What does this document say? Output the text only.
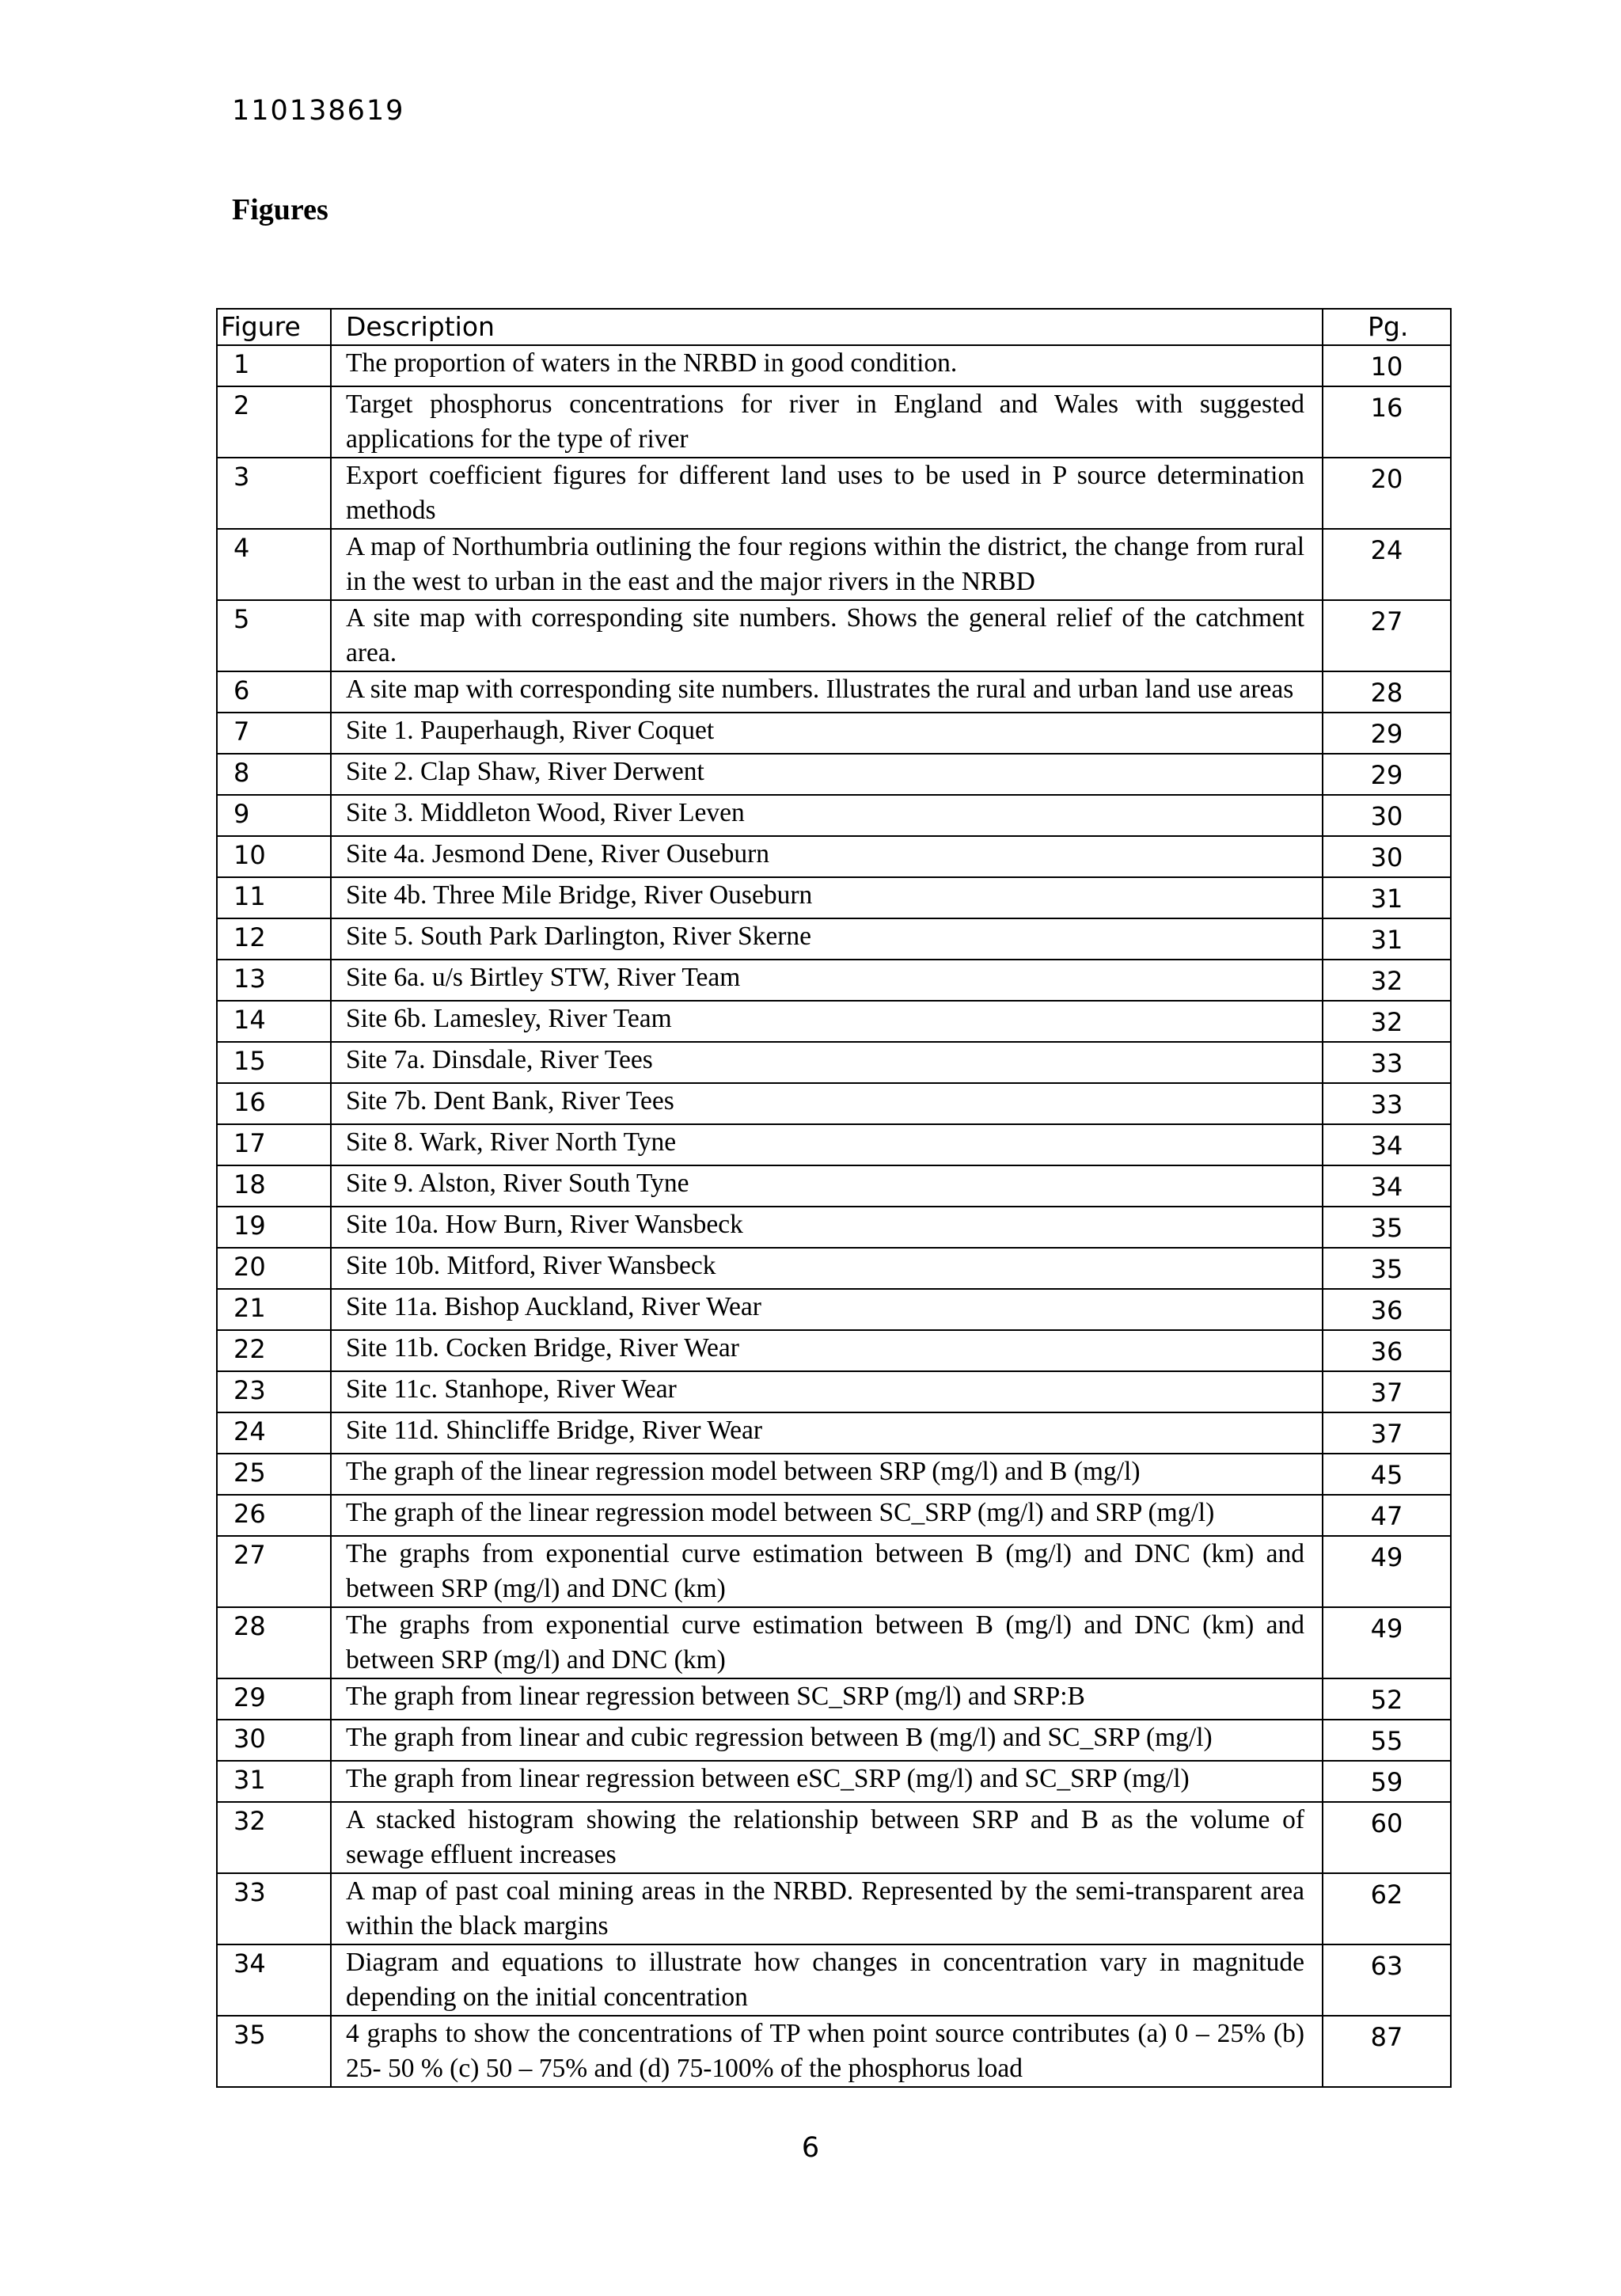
110138619
Figures
Figure	Description	Pg.
1	The proportion of waters in the NRBD in good condition.	10
2	Target phosphorus concentrations for river in England and Wales with suggested applications for the type of river	16
3	Export coefficient figures for different land uses to be used in P source determination methods	20
4	A map of Northumbria outlining the four regions within the district, the change from rural in the west to urban in the east and the major rivers in the NRBD	24
5	A site map with corresponding site numbers. Shows the general relief of the catchment area.	27
6	A site map with corresponding site numbers. Illustrates the rural and urban land use areas	28
7	Site 1. Pauperhaugh, River Coquet	29
8	Site 2. Clap Shaw, River Derwent	29
9	Site 3. Middleton Wood, River Leven	30
10	Site 4a. Jesmond Dene, River Ouseburn	30
11	Site 4b. Three Mile Bridge, River Ouseburn	31
12	Site 5. South Park Darlington, River Skerne	31
13	Site 6a. u/s Birtley STW, River Team	32
14	Site 6b. Lamesley, River Team	32
15	Site 7a. Dinsdale, River Tees	33
16	Site 7b. Dent Bank, River Tees	33
17	Site 8. Wark, River North Tyne	34
18	Site 9. Alston, River South Tyne	34
19	Site 10a. How Burn, River Wansbeck	35
20	Site 10b. Mitford, River Wansbeck	35
21	Site 11a. Bishop Auckland, River Wear	36
22	Site 11b. Cocken Bridge, River Wear	36
23	Site 11c. Stanhope, River Wear	37
24	Site 11d. Shincliffe Bridge, River Wear	37
25	The graph of the linear regression model between SRP (mg/l) and B (mg/l)	45
26	The graph of the linear regression model between SC_SRP (mg/l) and SRP (mg/l)	47
27	The graphs from exponential curve estimation between B (mg/l) and DNC (km) and between SRP (mg/l) and DNC (km)	49
28	The graphs from exponential curve estimation between B (mg/l) and DNC (km) and between SRP (mg/l) and DNC (km)	49
29	The graph from linear regression between SC_SRP (mg/l) and SRP:B	52
30	The graph from linear and cubic regression between B (mg/l) and SC_SRP (mg/l)	55
31	The graph from linear regression between eSC_SRP (mg/l) and SC_SRP (mg/l)	59
32	A stacked histogram showing the relationship between SRP and B as the volume of sewage effluent increases	60
33	A map of past coal mining areas in the NRBD. Represented by the semi-transparent area within the black margins	62
34	Diagram and equations to illustrate how changes in concentration vary in magnitude depending on the initial concentration	63
35	4 graphs to show the concentrations of TP when point source contributes (a) 0 – 25% (b) 25- 50 % (c) 50 – 75% and (d) 75-100% of the phosphorus load	87
6
